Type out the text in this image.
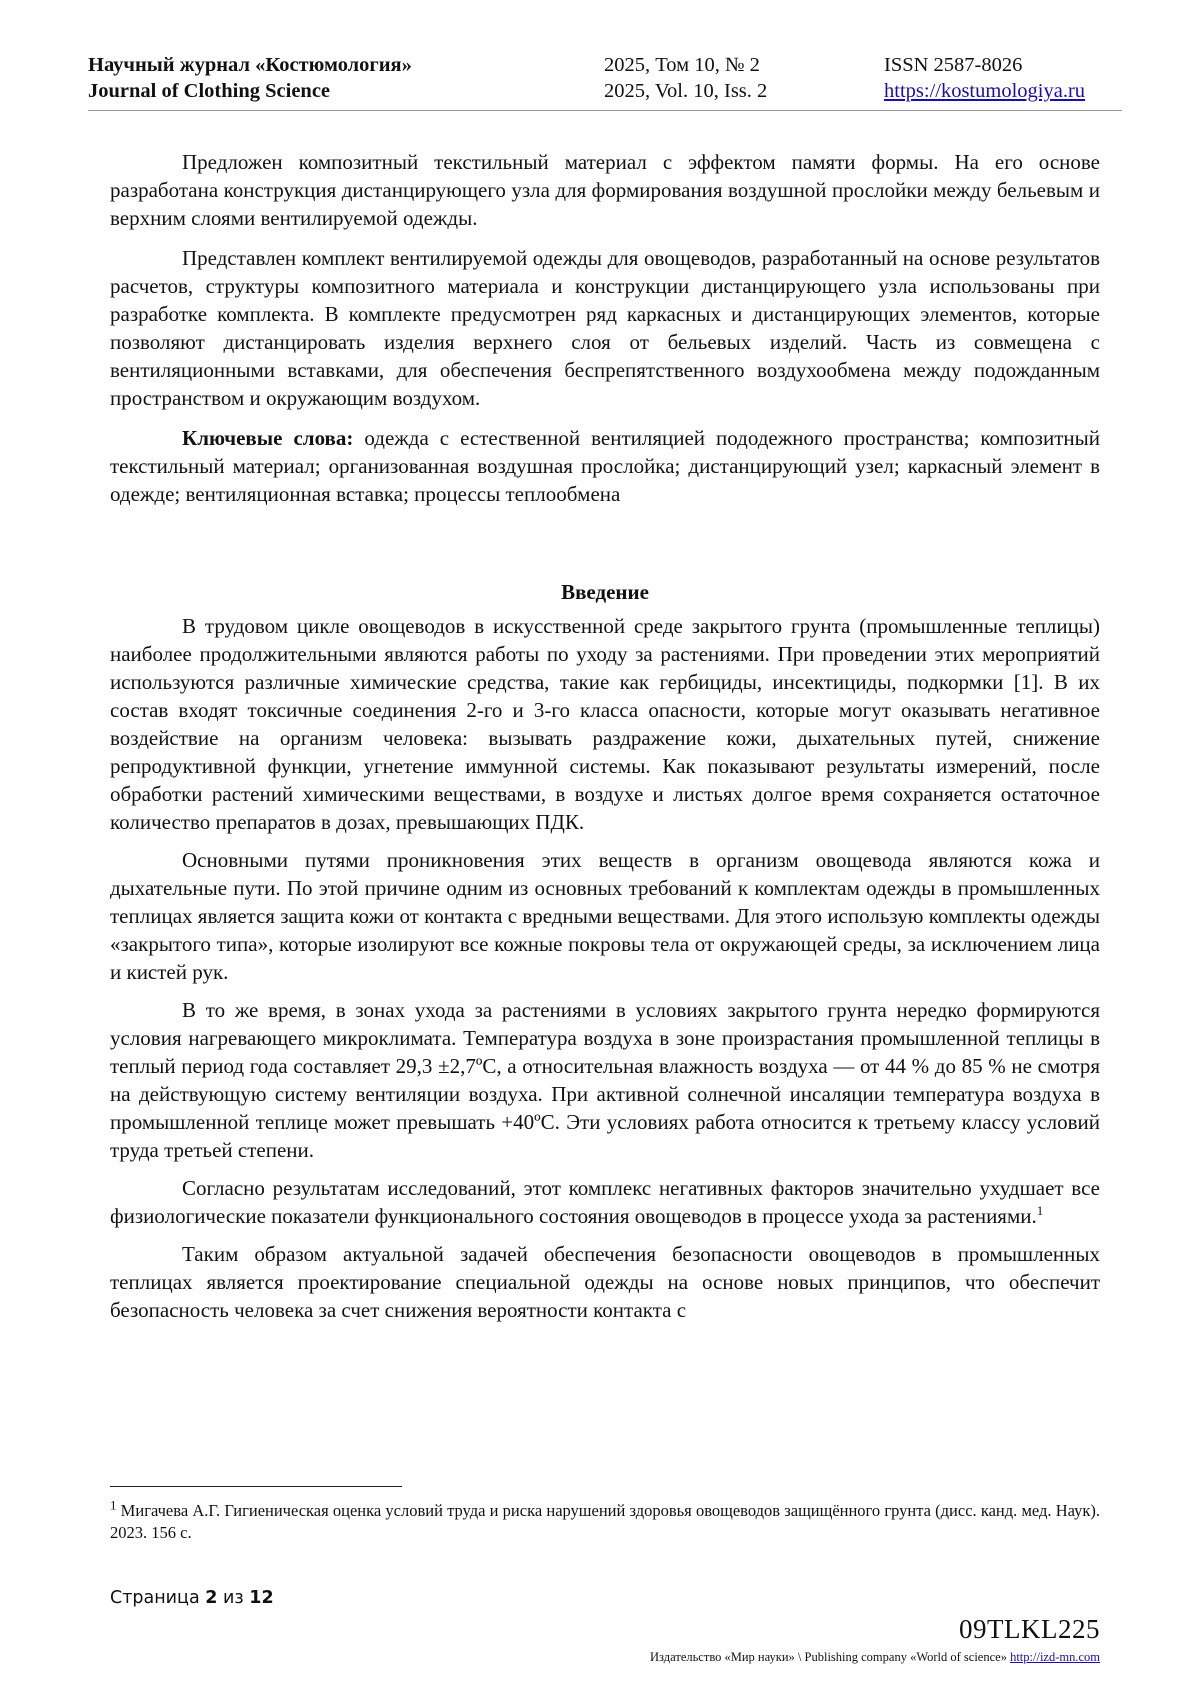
Научный журнал «Костюмология»
Journal of Clothing Science
2025, Том 10, № 2
2025, Vol. 10, Iss. 2
ISSN 2587-8026
https://kostumologiya.ru

Предложен композитный текстильный материал с эффектом памяти формы. На его основе разработана конструкция дистанцирующего узла для формирования воздушной прослойки между бельевым и верхним слоями вентилируемой одежды.

Представлен комплект вентилируемой одежды для овощеводов, разработанный на основе результатов расчетов, структуры композитного материала и конструкции дистанцирующего узла использованы при разработке комплекта. В комплекте предусмотрен ряд каркасных и дистанцирующих элементов, которые позволяют дистанцировать изделия верхнего слоя от бельевых изделий. Часть из совмещена с вентиляционными вставками, для обеспечения беспрепятственного воздухообмена между подожданным пространством и окружающим воздухом.

Ключевые слова: одежда с естественной вентиляцией пододежного пространства; композитный текстильный материал; организованная воздушная прослойка; дистанцирующий узел; каркасный элемент в одежде; вентиляционная вставка; процессы теплообмена

Введение

В трудовом цикле овощеводов в искусственной среде закрытого грунта (промышленные теплицы) наиболее продолжительными являются работы по уходу за растениями. При проведении этих мероприятий используются различные химические средства, такие как гербициды, инсектициды, подкормки [1]. В их состав входят токсичные соединения 2-го и 3-го класса опасности, которые могут оказывать негативное воздействие на организм человека: вызывать раздражение кожи, дыхательных путей, снижение репродуктивной функции, угнетение иммунной системы. Как показывают результаты измерений, после обработки растений химическими веществами, в воздухе и листьях долгое время сохраняется остаточное количество препаратов в дозах, превышающих ПДК.

Основными путями проникновения этих веществ в организм овощевода являются кожа и дыхательные пути. По этой причине одним из основных требований к комплектам одежды в промышленных теплицах является защита кожи от контакта с вредными веществами. Для этого использую комплекты одежды «закрытого типа», которые изолируют все кожные покровы тела от окружающей среды, за исключением лица и кистей рук.

В то же время, в зонах ухода за растениями в условиях закрытого грунта нередко формируются условия нагревающего микроклимата. Температура воздуха в зоне произрастания промышленной теплицы в теплый период года составляет 29,3 ±2,7ºС, а относительная влажность воздуха — от 44 % до 85 % не смотря на действующую систему вентиляции воздуха. При активной солнечной инсаляции температура воздуха в промышленной теплице может превышать +40ºС. Эти условиях работа относится к третьему классу условий труда третьей степени.

Согласно результатам исследований, этот комплекс негативных факторов значительно ухудшает все физиологические показатели функционального состояния овощеводов в процессе ухода за растениями.$^1$

Таким образом актуальной задачей обеспечения безопасности овощеводов в промышленных теплицах является проектирование специальной одежды на основе новых принципов, что обеспечит безопасность человека за счет снижения вероятности контакта с

$^1$ Мигачева А.Г. Гигиеническая оценка условий труда и риска нарушений здоровья овощеводов защищённого грунта (дисс. канд. мед. Наук). 2023. 156 с.
Страница 2 из 12
09TLKL225
Издательство «Мир науки» \ Publishing company «World of science» http://izd-mn.com
